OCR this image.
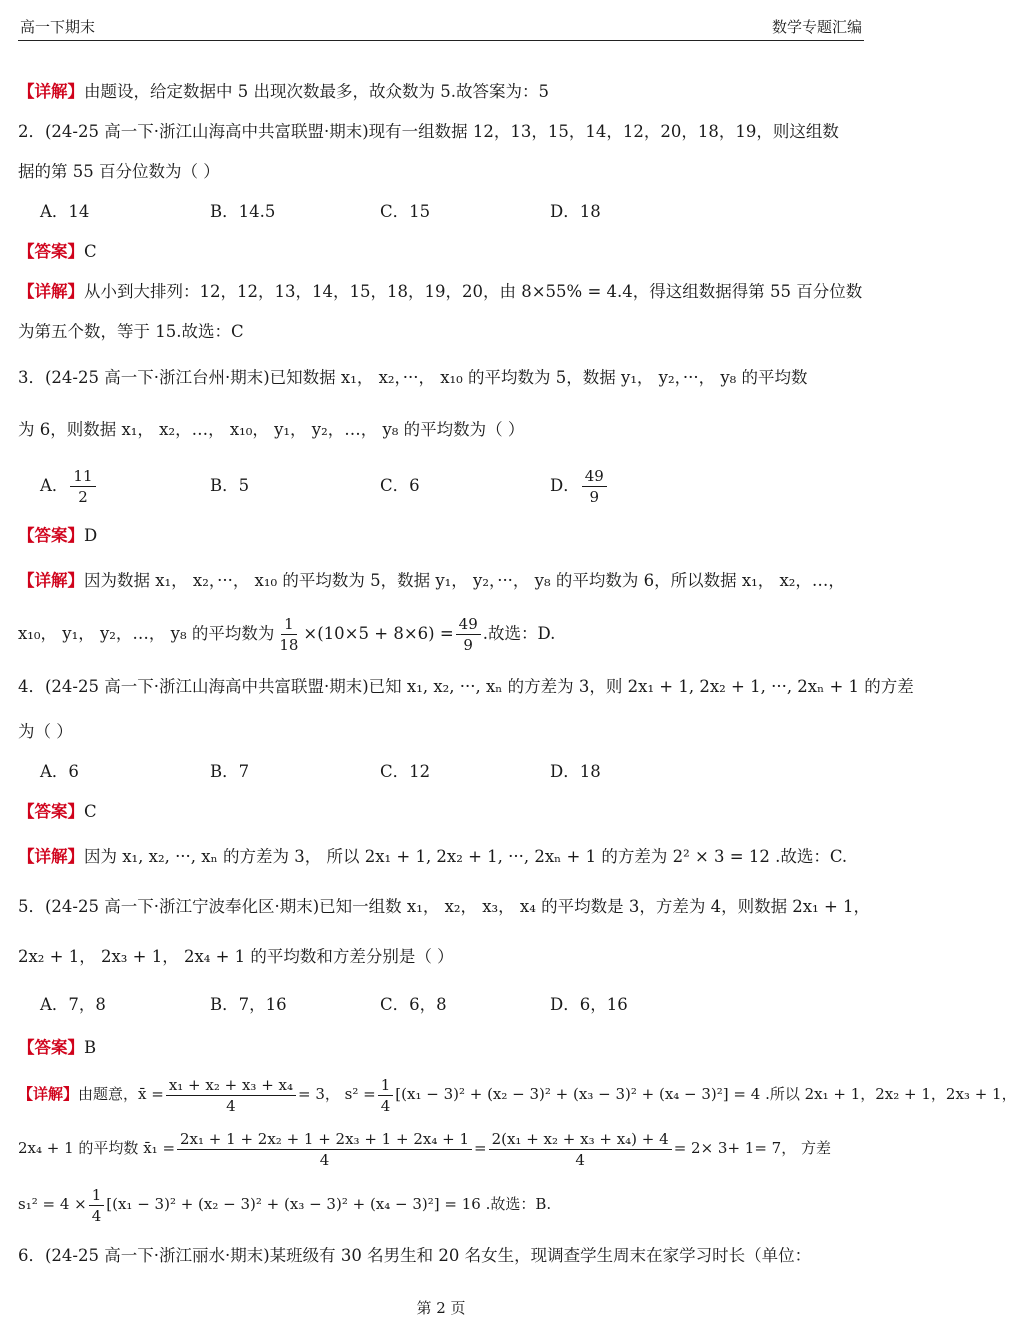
高一下期末	数学专题汇编
【详解】由题设，给定数据中 5 出现次数最多，故众数为 5.故答案为：5
2．(24-25 高一下·浙江山海高中共富联盟·期末)现有一组数据 12，13，15，14，12，20，18，19，则这组数
据的第 55 百分位数为（ ）
A．14	B．14.5	C．15	D．18
【答案】C
【详解】从小到大排列：12，12，13，14，15，18，19，20，由 8×55% = 4.4，得这组数据得第 55 百分位数
为第五个数，等于 15.故选：C
3．(24-25 高一下·浙江台州·期末)已知数据 x₁， x₂，···， x₁₀ 的平均数为 5，数据 y₁， y₂，···， y₈ 的平均数
为 6，则数据 x₁， x₂，…， x₁₀， y₁， y₂，…， y₈ 的平均数为（ ）
A． $\frac{11}{2}$	B．5	C．6	D． $\frac{49}{9}$
【答案】D
【详解】因为数据 x₁， x₂，···， x₁₀ 的平均数为 5，数据 y₁， y₂，···， y₈ 的平均数为 6，所以数据 x₁， x₂，…，
x₁₀， y₁， y₂，…， y₈ 的平均数为 $\frac{1}{18} \times(10\times 5 + 8\times 6) = \frac{49}{9}$ .故选：D.
4．(24-25 高一下·浙江山海高中共富联盟·期末)已知 x₁, x₂, ···, xₙ 的方差为 3，则 2x₁ + 1, 2x₂ + 1, ···, 2xₙ + 1 的方差
为（ ）
A．6	B．7	C．12	D．18
【答案】C
【详解】因为 x₁, x₂, ···, xₙ 的方差为 3， 所以 2x₁ + 1, 2x₂ + 1, ···, 2xₙ + 1 的方差为 2² × 3 = 12 .故选：C.
5．(24-25 高一下·浙江宁波奉化区·期末)已知一组数 x₁， x₂， x₃， x₄ 的平均数是 3，方差为 4，则数据 2x₁ + 1，
2x₂ + 1， 2x₃ + 1， 2x₄ + 1 的平均数和方差分别是（ ）
A．7，8	B．7，16	C．6，8	D．6，16
【答案】B
【详解】由题意，x̄ = $\frac{\text{x₁ + x₂ + x₃ + x₄}}{4} = 3$， $s^2 = \frac{1}{4} [(x_1 - 3)^2 + (x_2 - 3)^2 + (x_3 - 3)^2 + (x_4 - 3)^2] = 4$ .所以 2x₁ + 1，2x₂ + 1，2x₃ + 1，
2x₄ + 1 的平均数 x̄₁ = $\frac{\text{2x₁ + 1 + 2x₂ + 1 + 2x₃ + 1 + 2x₄ + 1}}{4} = \frac{\text{2(x₁ + x₂ + x₃ + x₄) + 4}}{4} = 2\times 3+ 1= 7$， 方差
$s_1^2 = 4 \times \frac{1}{4} [(x_1 - 3)^2 + (x_2 - 3)^2 + (x_3 - 3)^2 + (x_4 - 3)^2] = 16$ .故选：B.
6．(24-25 高一下·浙江丽水·期末)某班级有 30 名男生和 20 名女生，现调查学生周末在家学习时长（单位：
第 2 页
